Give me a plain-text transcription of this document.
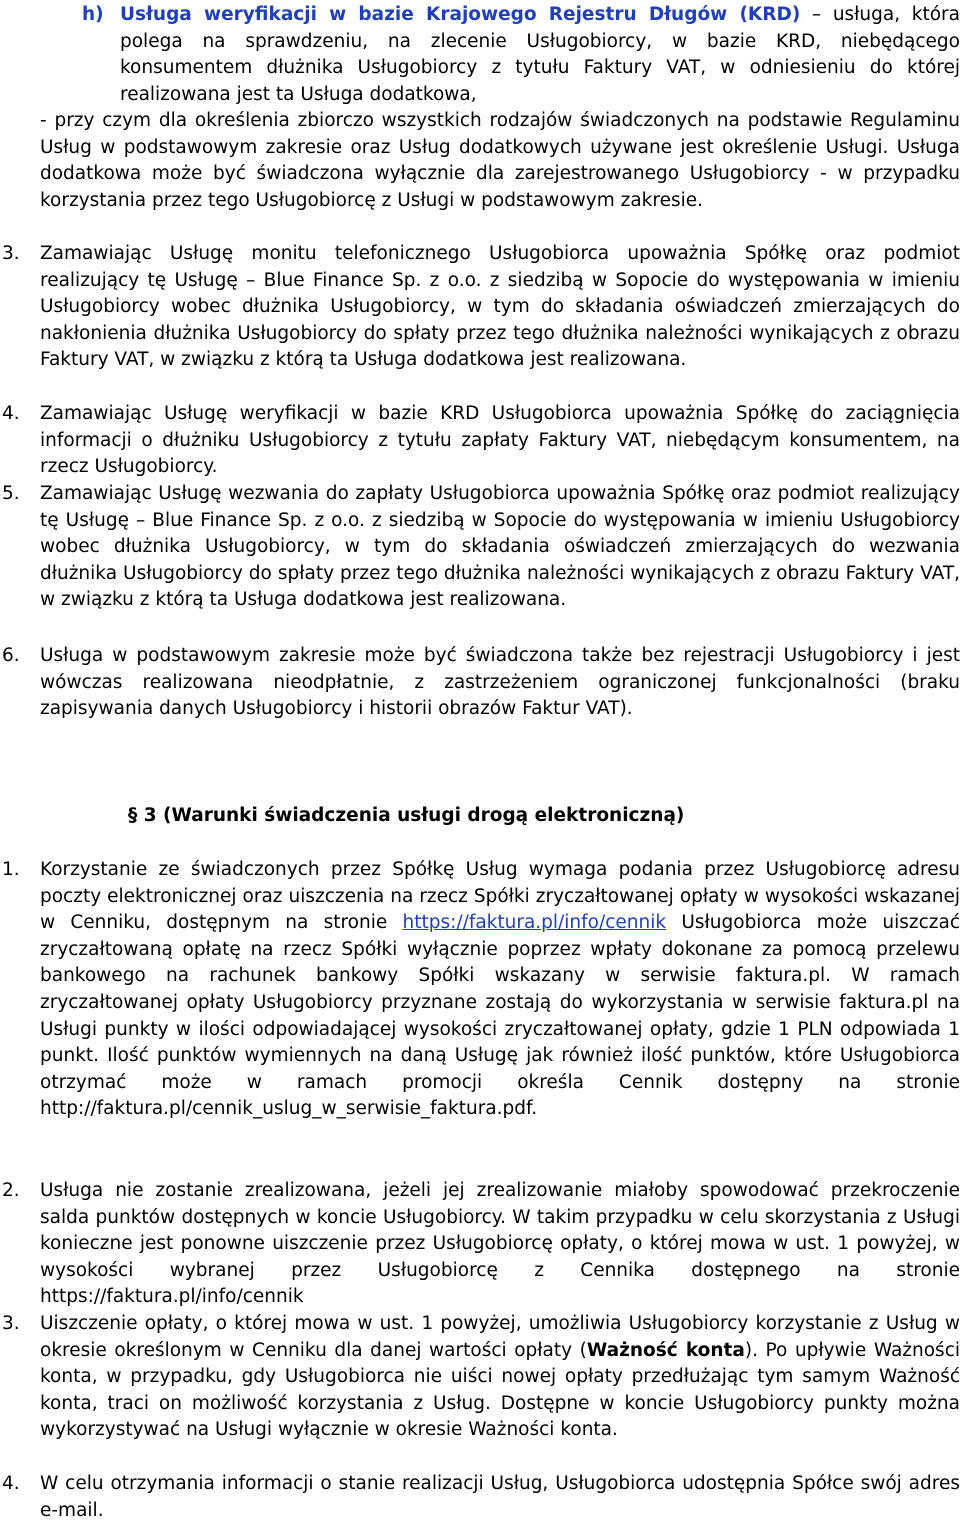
h) Usługa weryfikacji w bazie Krajowego Rejestru Długów (KRD) – usługa, która polega na sprawdzeniu, na zlecenie Usługobiorcy, w bazie KRD, niebędącego konsumentem dłużnika Usługobiorcy z tytułu Faktury VAT, w odniesieniu do której realizowana jest ta Usługa dodatkowa,
- przy czym dla określenia zbiorczo wszystkich rodzajów świadczonych na podstawie Regulaminu Usług w podstawowym zakresie oraz Usług dodatkowych używane jest określenie Usługi. Usługa dodatkowa może być świadczona wyłącznie dla zarejestrowanego Usługobiorcy - w przypadku korzystania przez tego Usługobiorcę z Usługi w podstawowym zakresie.
3.	Zamawiając Usługę monitu telefonicznego Usługobiorca upoważnia Spółkę oraz podmiot realizujący tę Usługę – Blue Finance Sp. z o.o. z siedzibą w Sopocie do występowania w imieniu Usługobiorcy wobec dłużnika Usługobiorcy, w tym do składania oświadczeń zmierzających do nakłonienia dłużnika Usługobiorcy do spłaty przez tego dłużnika należności wynikających z obrazu Faktury VAT, w związku z którą ta Usługa dodatkowa jest realizowana.
4.	Zamawiając Usługę weryfikacji w bazie KRD Usługobiorca upoważnia Spółkę do zaciągnięcia informacji o dłużniku Usługobiorcy z tytułu zapłaty Faktury VAT, niebędącym konsumentem, na rzecz Usługobiorcy.
5.	Zamawiając Usługę wezwania do zapłaty Usługobiorca upoważnia Spółkę oraz podmiot realizujący tę Usługę – Blue Finance Sp. z o.o. z siedzibą w Sopocie do występowania w imieniu Usługobiorcy wobec dłużnika Usługobiorcy, w tym do składania oświadczeń zmierzających do wezwania dłużnika Usługobiorcy do spłaty przez tego dłużnika należności wynikających z obrazu Faktury VAT, w związku z którą ta Usługa dodatkowa jest realizowana.
6.	Usługa w podstawowym zakresie może być świadczona także bez rejestracji Usługobiorcy i jest wówczas realizowana nieodpłatnie, z zastrzeżeniem ograniczonej funkcjonalności (braku zapisywania danych Usługobiorcy i historii obrazów Faktur VAT).
§ 3 (Warunki świadczenia usługi drogą elektroniczną)
1.	Korzystanie ze świadczonych przez Spółkę Usług wymaga podania przez Usługobiorcę adresu poczty elektronicznej oraz uiszczenia na rzecz Spółki zryczałtowanej opłaty w wysokości wskazanej w Cenniku, dostępnym na stronie https://faktura.pl/info/cennik Usługobiorca może uiszczać zryczałtowaną opłatę na rzecz Spółki wyłącznie poprzez wpłaty dokonane za pomocą przelewu bankowego na rachunek bankowy Spółki wskazany w serwisie faktura.pl. W ramach zryczałtowanej opłaty Usługobiorcy przyznane zostają do wykorzystania w serwisie faktura.pl na Usługi punkty w ilości odpowiadającej wysokości zryczałtowanej opłaty, gdzie 1 PLN odpowiada 1 punkt. Ilość punktów wymiennych na daną Usługę jak również ilość punktów, które Usługobiorca otrzymać może w ramach promocji określa Cennik dostępny na stronie http://faktura.pl/cennik_uslug_w_serwisie_faktura.pdf.
2.	Usługa nie zostanie zrealizowana, jeżeli jej zrealizowanie miałoby spowodować przekroczenie salda punktów dostępnych w koncie Usługobiorcy. W takim przypadku w celu skorzystania z Usługi konieczne jest ponowne uiszczenie przez Usługobiorcę opłaty, o której mowa w ust. 1 powyżej, w wysokości wybranej przez Usługobiorcę z Cennika dostępnego na stronie https://faktura.pl/info/cennik
3.	Uiszczenie opłaty, o której mowa w ust. 1 powyżej, umożliwia Usługobiorcy korzystanie z Usług w okresie określonym w Cenniku dla danej wartości opłaty (Ważność konta). Po upływie Ważności konta, w przypadku, gdy Usługobiorca nie uiści nowej opłaty przedłużając tym samym Ważność konta, traci on możliwość korzystania z Usług. Dostępne w koncie Usługobiorcy punkty można wykorzystywać na Usługi wyłącznie w okresie Ważności konta.
4.	W celu otrzymania informacji o stanie realizacji Usług, Usługobiorca udostępnia Spółce swój adres e-mail.
